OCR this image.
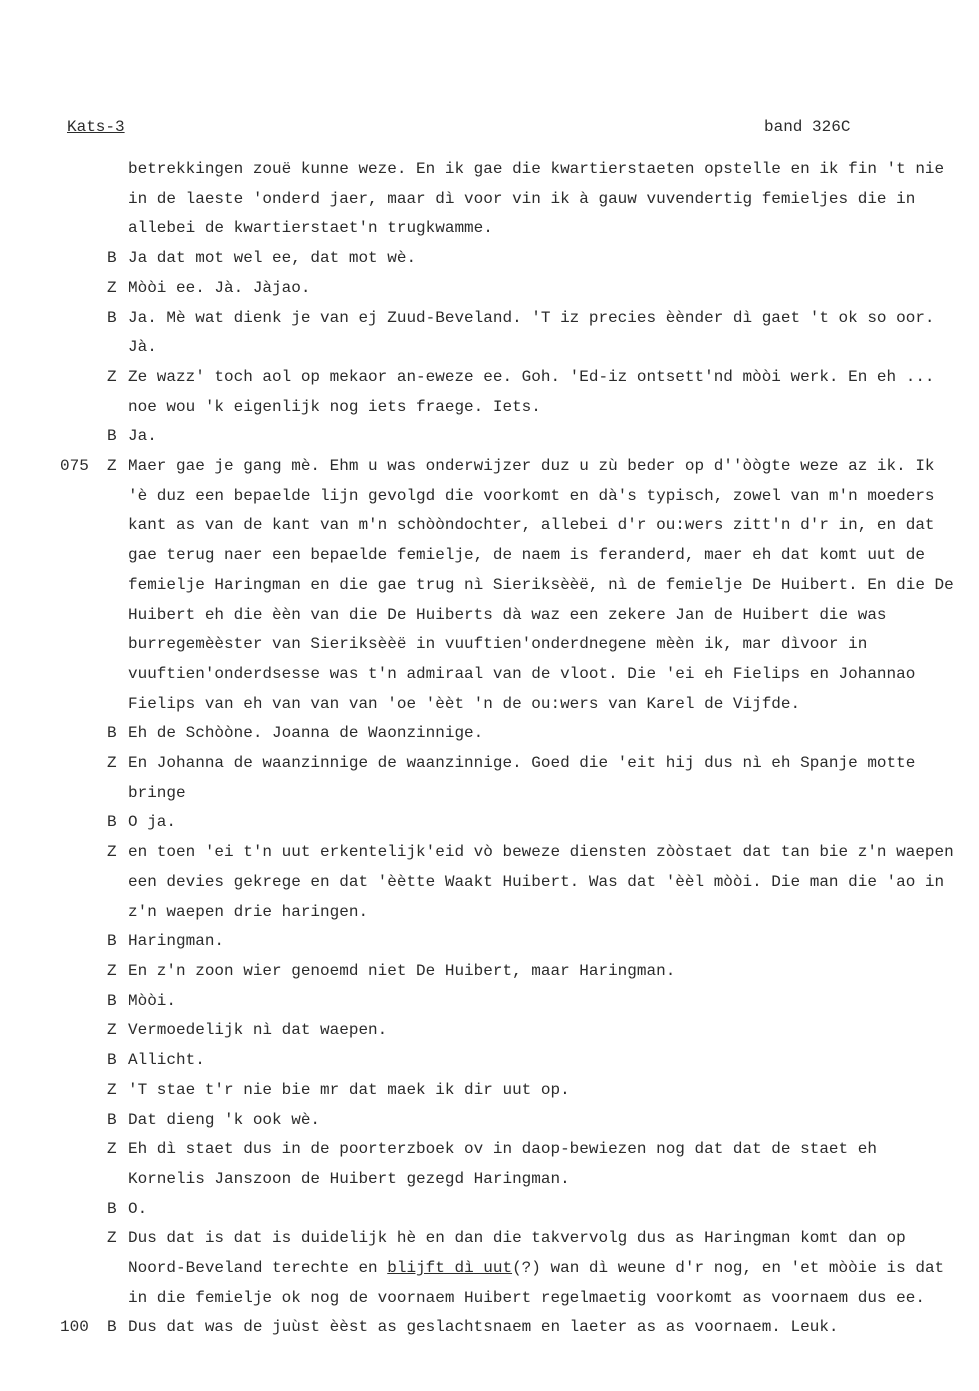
Kats-3	band 326C
betrekkingen zouë kunne weze. En ik gae die kwartierstaeten opstelle en ik fin 't nie in de laeste 'onderd jaer, maar dì voor vin ik à gauw vuvendertig femieljes die in allebei de kwartierstaet'n trugkwamme.
B Ja dat mot wel ee, dat mot wè.
Z Mòòi ee. Jà. Jàjao.
B Ja. Mè wat dienk je van ej Zuud-Beveland. 'T iz precies èènder dì gaet 't ok so oor. Jà.
Z Ze wazz' toch aol op mekaor an-eweze ee. Goh. 'Ed-iz ontsett'nd mòòi werk. En eh ... noe wou 'k eigenlijk nog iets fraege. Iets.
B Ja.
075 Z Maer gae je gang mè. Ehm u was onderwijzer duz u zù beder op d''òògte weze az ik. Ik 'è duz een bepaelde lijn gevolgd die voorkomt en dà's typisch, zowel van m'n moeders kant as van de kant van m'n schòòndochter, allebei d'r ou:wers zitt'n d'r in, en dat gae terug naer een bepaelde femielje, de naem is feranderd, maer eh dat komt uut de femielje Haringman en die gae trug nì Sieriksèèë, nì de femielje De Huibert. En die De Huibert eh die èèn van die De Huiberts dà waz een zekere Jan de Huibert die was burregemèèster van Sieriksèèë in vuuftien'onderdnegene mèèn ik, mar dìvoor in vuuftien'onderdsesse was t'n admiraal van de vloot. Die 'ei eh Fielips en Johannao Fielips van eh van van van 'oe 'èèt 'n de ou:wers van Karel de Vijfde.
B Eh de Schòòne. Joanna de Waonzinnige.
Z En Johanna de waanzinnige de waanzinnige. Goed die 'eit hij dus nì eh Spanje motte bringe
B O ja.
Z en toen 'ei t'n uut erkentelijk'eid vò beweze diensten zòòstaet dat tan bie z'n waepen een devies gekrege en dat 'èètte Waakt Huibert. Was dat 'èèl mòòi. Die man die 'ao in z'n waepen drie haringen.
B Haringman.
Z En z'n zoon wier genoemd niet De Huibert, maar Haringman.
B Mòòi.
Z Vermoedelijk nì dat waepen.
B Allicht.
Z 'T stae t'r nie bie mr dat maek ik dir uut op.
B Dat dieng 'k ook wè.
Z Eh dì staet dus in de poorterzboek ov in daop-bewiezen nog dat dat de staet eh Kornelis Janszoon de Huibert gezegd Haringman.
B O.
Z Dus dat is dat is duidelijk hè en dan die takvervolg dus as Haringman komt dan op Noord-Beveland terechte en blijft dì uut(?) wan dì weune d'r nog, en 'et mòòie is dat in die femielje ok nog de voornaem Huibert regelmaetig voorkomt as voornaem dus ee.
100 B Dus dat was de juùst èèst as geslachtsnaem en laeter as as voornaem. Leuk.
